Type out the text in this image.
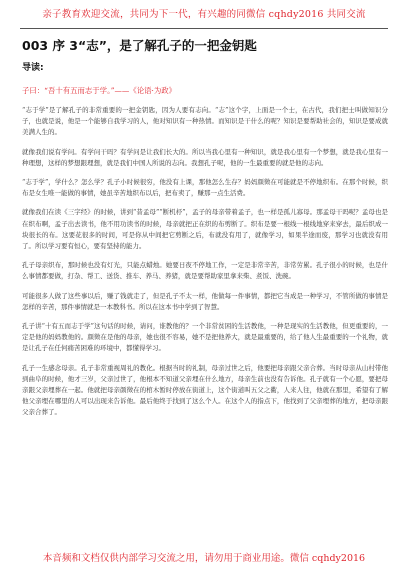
亲子教育欢迎交流，共同为下一代，有兴趣的同微信 cqhdy2016 共同交流
003 序 3“志”，是了解孔子的一把金钥匙
导读:
子曰：“吾十有五而志于学。”——《论语·为政》

“志于学”是了解孔子的非常重要的一把金钥匙，因为人要有志向。“志”这个字，上面是一个士，在古代，我们把士叫做知识分子，也就是说，他是一个能够自我学习的人，他对知识有一种热情。而知识是干什么的呢？知识是要帮助社会的，知识是要成就美满人生的。

就像我们说有学问。有学问干吗？有学问是让我们长大的。所以当我心里有一种知识，就是我心里有一个梦想，就是我心里有一种理想，这样的梦想跟理想，就是我们中国人所说的志向。我想孔子呢，他的一生最重要的就是他的志向。

“志于学”，学什么？怎么学？孔子小时候很穷，他没有上课，那他怎么生存？妈妈颜徵在可能就是不停地织布。在那个时候，织布是女生唯一能做的事情，她虽辛苦地织布以后，把布卖了，赚那一点生活费。

就像我们在读《三字经》的时候，讲到“昔孟母”“断机杼”，孟子的母亲带着孟子，也一样是孤儿寡母。那孟母干吗呢？孟母也是在织布啊，孟子出去读书，他不用功读书的时候，母亲就把正在织的布剪断了。织布是要一根线一根线地穿来穿去，最后织成一块很长的布。这要花很多的时间，可是你从中间把它剪断之后，布就没有用了，就像学习，如果半途而废，那学习也就没有用了。所以学习要有恒心，要有坚持的能力。

孔子母亲织布，那时候也没有灯光，只能点蜡烛。她要日夜不停地工作，一定是非常辛苦，非常劳累。孔子很小的时候，也是什么事情都要做，打杂、帮工、送货、推车、养马、养猪，就是要帮助家里拿来柴、煮饭、洗碗。

可能很多人做了这些事以后，赚了钱就走了，但是孔子不太一样，他做每一件事情，都把它当成是一种学习，不管所做的事情是怎样的辛苦，那件事情就是一本教科书。所以在这本书中学到了智慧。

孔子讲“十有五而志于学”这句话的时候，请问，谁教他的？一个非常贫困的生活教他，一种是现实的生活教他，但更重要的，一定是他的妈妈教他的。颜徵在是他的母亲，她也很不容易，她不是把他养大，就是最重要的，给了他人生最重要的一个礼物，就是让孔子在任何痛苦困难的环境中，都懂得学习。

孔子一生感念母亲。孔子非常重视周礼的教化。根据当时的礼制，母亲过世之后，他要把母亲跟父亲合葬。当时母亲从山村带他到曲阜的时候，他才三岁，父亲过世了，他根本不知道父亲埋在什么地方，母亲生前也没有告诉他。孔子就有一个心愿，要把母亲跟父亲埋葬在一起。他就把母亲颜徵在的棺木暂时停放在街道上，这个街道叫五父之衢，人来人往，他就在那里，希望有了解他父亲埋在哪里的人可以出现来告诉他。最后他终于找到了这么个人。在这个人的指点下，他找到了父亲埋葬的地方，把母亲跟父亲合葬了。

本音频和文档仅供内部学习交流之用，请勿用于商业用途。微信 cqhdy2016
